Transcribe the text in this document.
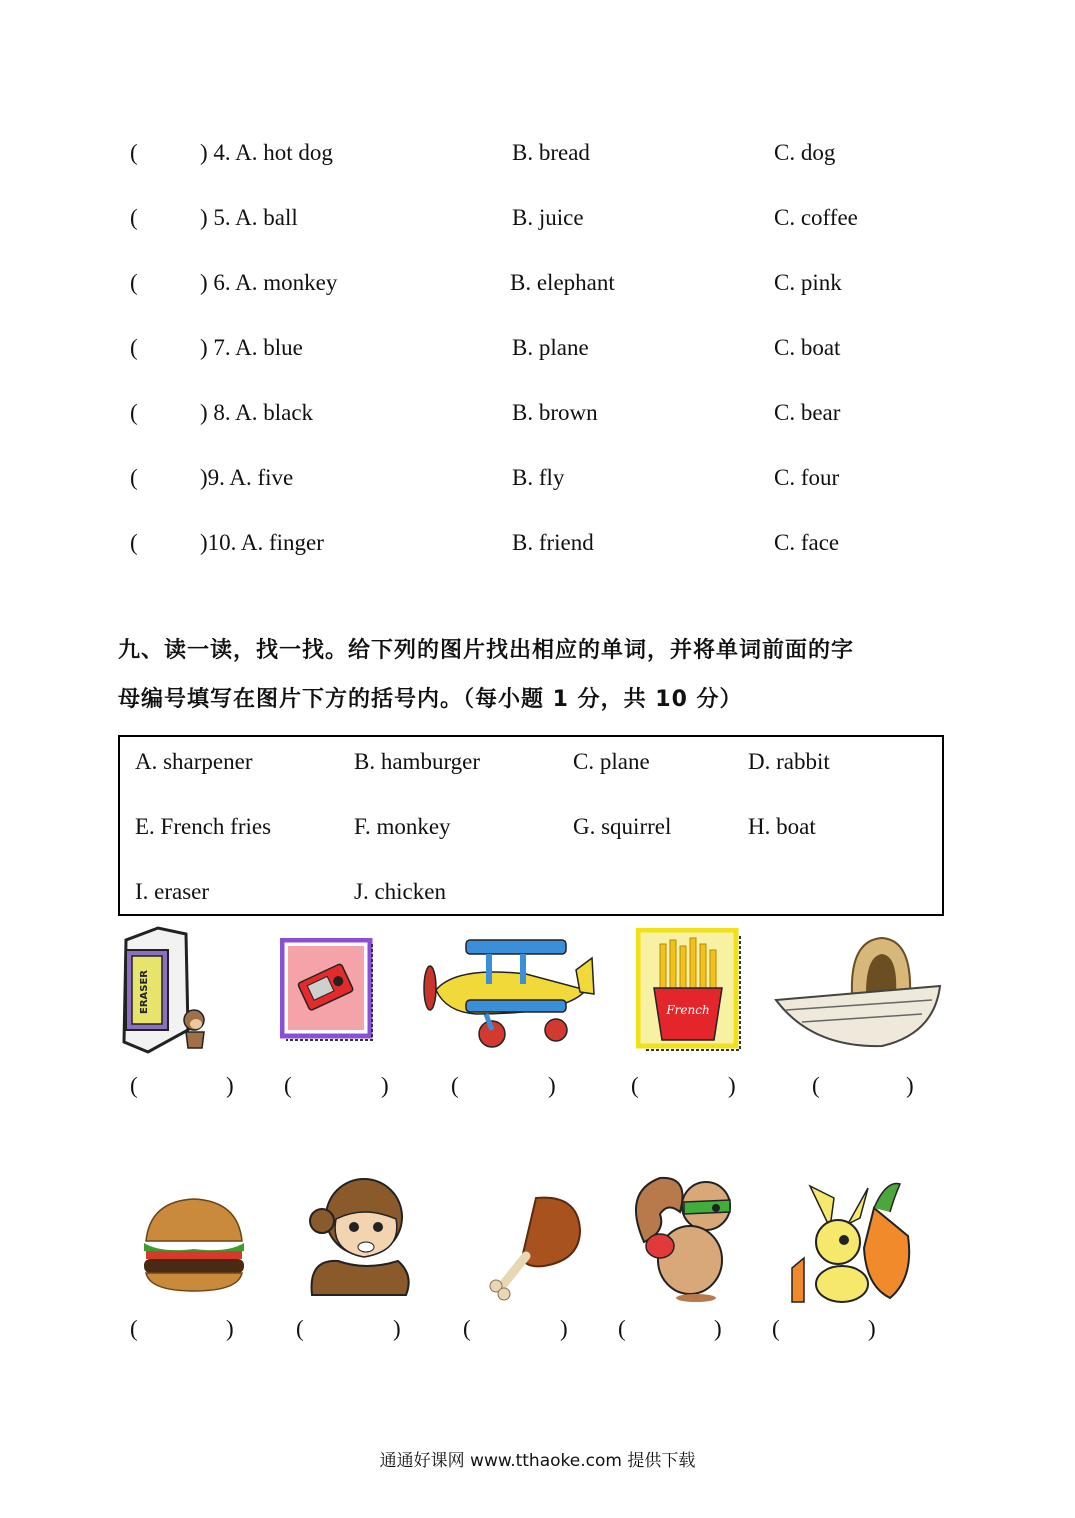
(	) 4. A. hot dog	B. bread	C. dog
(	) 5. A. ball	B. juice	C. coffee
(	) 6. A. monkey	B. elephant	C. pink
(	) 7. A. blue	B. plane	C. boat
(	) 8. A. black	B. brown	C. bear
(	)9. A. five	B. fly	C. four
(	)10. A. finger	B. friend	C. face
九、读一读，找一找。给下列的图片找出相应的单词，并将单词前面的字
母编号填写在图片下方的括号内。（每小题 1 分，共 10 分）
A. sharpener	B. hamburger	C. plane	D. rabbit
E. French fries	F. monkey	G. squirrel	H. boat
I. eraser	J. chicken
ERASER	French
(	) (	)	(	)	(	)	(	)
(	)	(	)	(	) (	) (	)
通通好课网 www.tthaoke.com 提供下载
